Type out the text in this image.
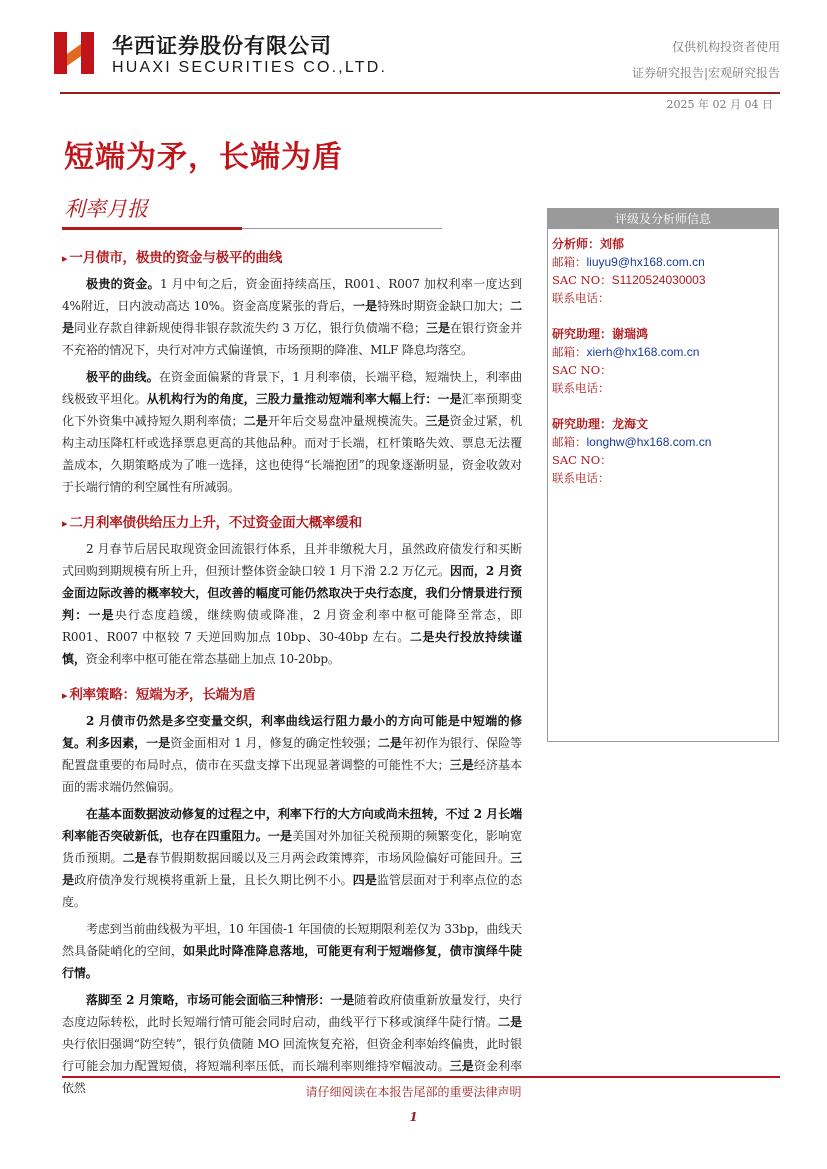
华西证券股份有限公司
HUAXI SECURITIES CO.,LTD.
仅供机构投资者使用
证券研究报告|宏观研究报告
2025 年 02 月 04 日
短端为矛，长端为盾
利率月报
▸ 一月债市，极贵的资金与极平的曲线
极贵的资金。1 月中旬之后，资金面持续高压，R001、R007 加权利率一度达到 4%附近，日内波动高达 10%。资金高度紧张的背后，一是特殊时期资金缺口加大；二是同业存款自律新规使得非银存款流失约 3 万亿，银行负债端不稳；三是在银行资金并不充裕的情况下，央行对冲方式偏谨慎，市场预期的降准、MLF 降息均落空。
极平的曲线。在资金面偏紧的背景下，1 月利率债，长端平稳，短端快上，利率曲线极致平坦化。从机构行为的角度，三股力量推动短端利率大幅上行：一是汇率预期变化下外资集中减持短久期利率债；二是开年后交易盘冲量规模流失。三是资金过紧，机构主动压降杠杆或选择票息更高的其他品种。而对于长端，杠杆策略失效、票息无法覆盖成本，久期策略成为了唯一选择，这也使得“长端抱团”的现象逐渐明显，资金收敛对于长端行情的利空属性有所减弱。
▸ 二月利率债供给压力上升，不过资金面大概率缓和
2 月春节后居民取现资金回流银行体系，且并非缴税大月，虽然政府债发行和买断式回购到期规模有所上升，但预计整体资金缺口较 1 月下滑 2.2 万亿元。因而，2 月资金面边际改善的概率较大，但改善的幅度可能仍然取决于央行态度，我们分情景进行预判：一是央行态度趋缓，继续购债或降准，2 月资金利率中枢可能降至常态，即 R001、R007 中枢较 7 天逆回购加点 10bp、30-40bp 左右。二是央行投放持续谨慎，资金利率中枢可能在常态基础上加点 10-20bp。
▸ 利率策略：短端为矛，长端为盾
2 月债市仍然是多空变量交织，利率曲线运行阻力最小的方向可能是中短端的修复。利多因素，一是资金面相对 1 月，修复的确定性较强；二是年初作为银行、保险等配置盘重要的布局时点，债市在买盘支撑下出现显著调整的可能性不大；三是经济基本面的需求端仍然偏弱。
在基本面数据波动修复的过程之中，利率下行的大方向或尚未扭转，不过 2 月长端利率能否突破新低，也存在四重阻力。一是美国对外加征关税预期的频繁变化，影响宽货币预期。二是春节假期数据回暖以及三月两会政策博弈，市场风险偏好可能回升。三是政府债净发行规模将重新上量，且长久期比例不小。四是监管层面对于利率点位的态度。
考虑到当前曲线极为平坦，10 年国债-1 年国债的长短期限利差仅为 33bp，曲线天然具备陡峭化的空间，如果此时降准降息落地，可能更有利于短端修复，债市演绎牛陡行情。
落脚至 2 月策略，市场可能会面临三种情形：一是随着政府债重新放量发行，央行态度边际转松，此时长短端行情可能会同时启动，曲线平行下移或演绎牛陡行情。二是央行依旧强调“防空转”，银行负债随 MO 回流恢复充裕，但资金利率始终偏贵，此时银行可能会加力配置短债，将短端利率压低，而长端利率则维持窄幅波动。三是资金利率依然
评级及分析师信息
分析师：刘郁
邮箱：liuyu9@hx168.com.cn
SAC NO：S1120524030003
联系电话：
研究助理：谢瑞鸿
邮箱：xierh@hx168.com.cn
SAC NO：
联系电话：
研究助理：龙海文
邮箱：longhw@hx168.com.cn
SAC NO：
联系电话：
请仔细阅读在本报告尾部的重要法律声明
1
